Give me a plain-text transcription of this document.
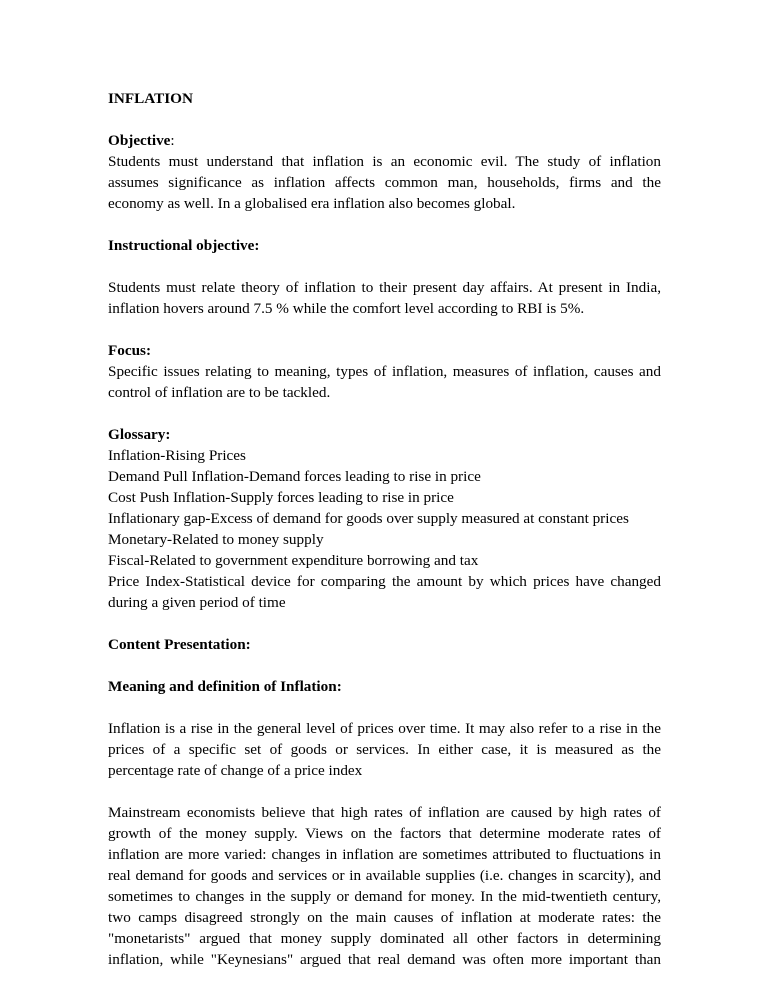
INFLATION

Objective:

Students must understand that inflation is an economic evil. The study of inflation
assumes significance as inflation affects common man, households, firms and the
economy as well. In a globalised era inflation also becomes global.

Instructional objective:

Students must relate theory of inflation to their present day affairs. At present in India,
inflation hovers around 7.5 % while the comfort level according to RBI is 5%.

Focus:

Specific issues relating to meaning, types of inflation, measures of inflation, causes and
control of inflation are to be tackled.

Glossary:

Inflation-Rising Prices
Demand Pull Inflation-Demand forces leading to rise in price
Cost Push Inflation-Supply forces leading to rise in price
Inflationary gap-Excess of demand for goods over supply measured at constant prices
Monetary-Related to money supply
Fiscal-Related to government expenditure borrowing and tax
Price Index-Statistical device for comparing the amount by which prices have changed
during a given period of time

Content Presentation:

Meaning and definition of Inflation:

Inflation is a rise in the general level of prices over time. It may also refer to a rise in the
prices of a specific set of goods or services. In either case, it is measured as the
percentage rate of change of a price index
Mainstream economists believe that high rates of inflation are caused by high rates of
growth of the money supply. Views on the factors that determine moderate rates of
inflation are more varied: changes in inflation are sometimes attributed to fluctuations in
real demand for goods and services or in available supplies (i.e. changes in scarcity), and
sometimes to changes in the supply or demand for money. In the mid-twentieth century,
two camps disagreed strongly on the main causes of inflation at moderate rates: the
"monetarists" argued that money supply dominated all other factors in determining
inflation, while "Keynesians" argued that real demand was often more important than
